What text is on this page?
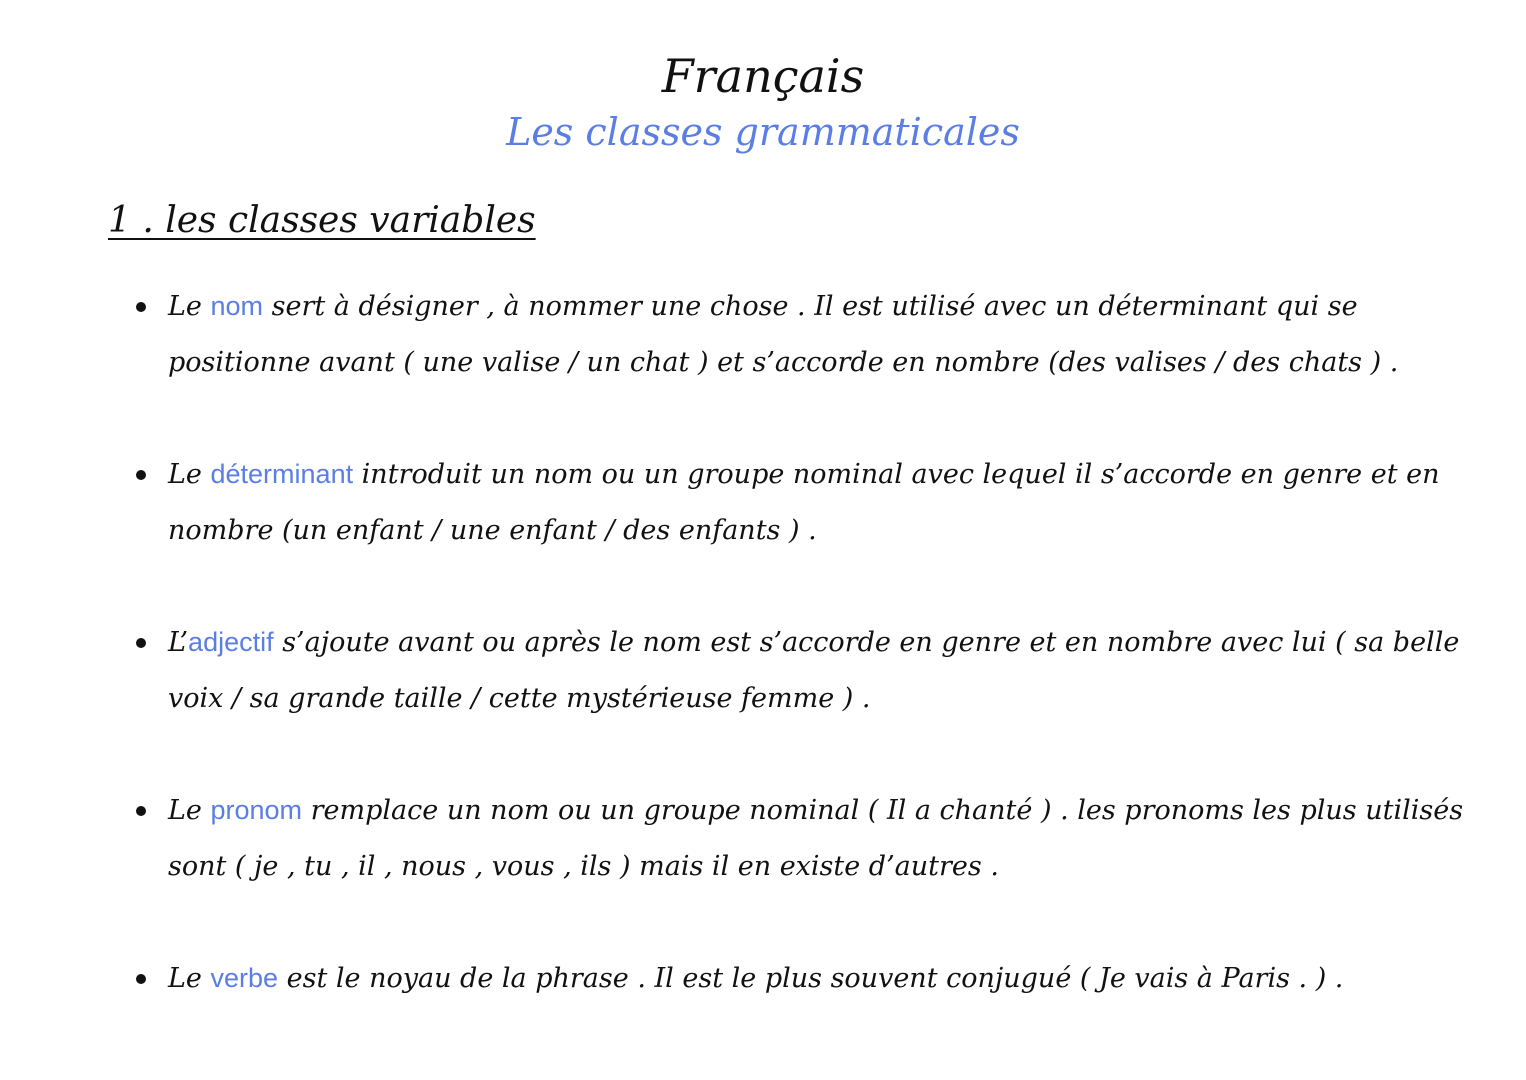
Français
Les classes grammaticales
1 . les classes variables
Le nom sert à désigner , à nommer une chose . Il est utilisé avec un déterminant qui se positionne avant ( une valise / un chat ) et s’accorde en nombre (des valises / des chats ) .
Le déterminant introduit un nom ou un groupe nominal avec lequel il s’accorde en genre et en nombre (un enfant / une enfant / des enfants ) .
L’adjectif s’ajoute avant ou après le nom est s’accorde en genre et en nombre avec lui ( sa belle voix / sa grande taille / cette mystérieuse femme ) .
Le pronom remplace un nom ou un groupe nominal ( Il a chanté ) . les pronoms les plus utilisés sont ( je , tu , il , nous , vous , ils ) mais il en existe d’autres .
Le verbe est le noyau de la phrase . Il est le plus souvent conjugué ( Je vais à Paris . ) .
